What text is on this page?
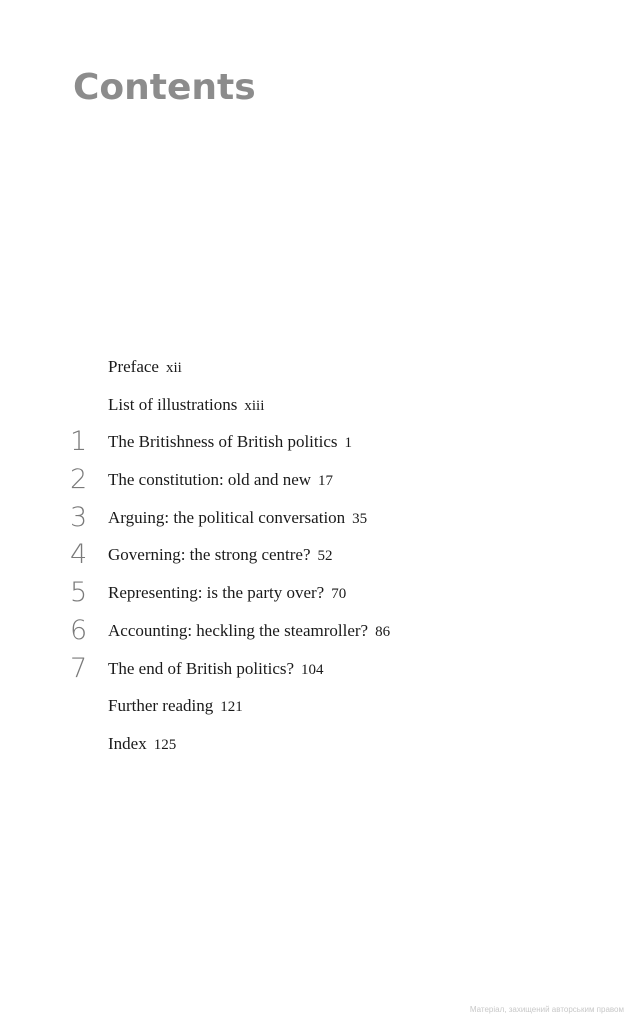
Contents
Preface xii
List of illustrations xiii
1 The Britishness of British politics 1
2 The constitution: old and new 17
3 Arguing: the political conversation 35
4 Governing: the strong centre? 52
5 Representing: is the party over? 70
6 Accounting: heckling the steamroller? 86
7 The end of British politics? 104
Further reading 121
Index 125
Матеріал, захищений авторським правом
